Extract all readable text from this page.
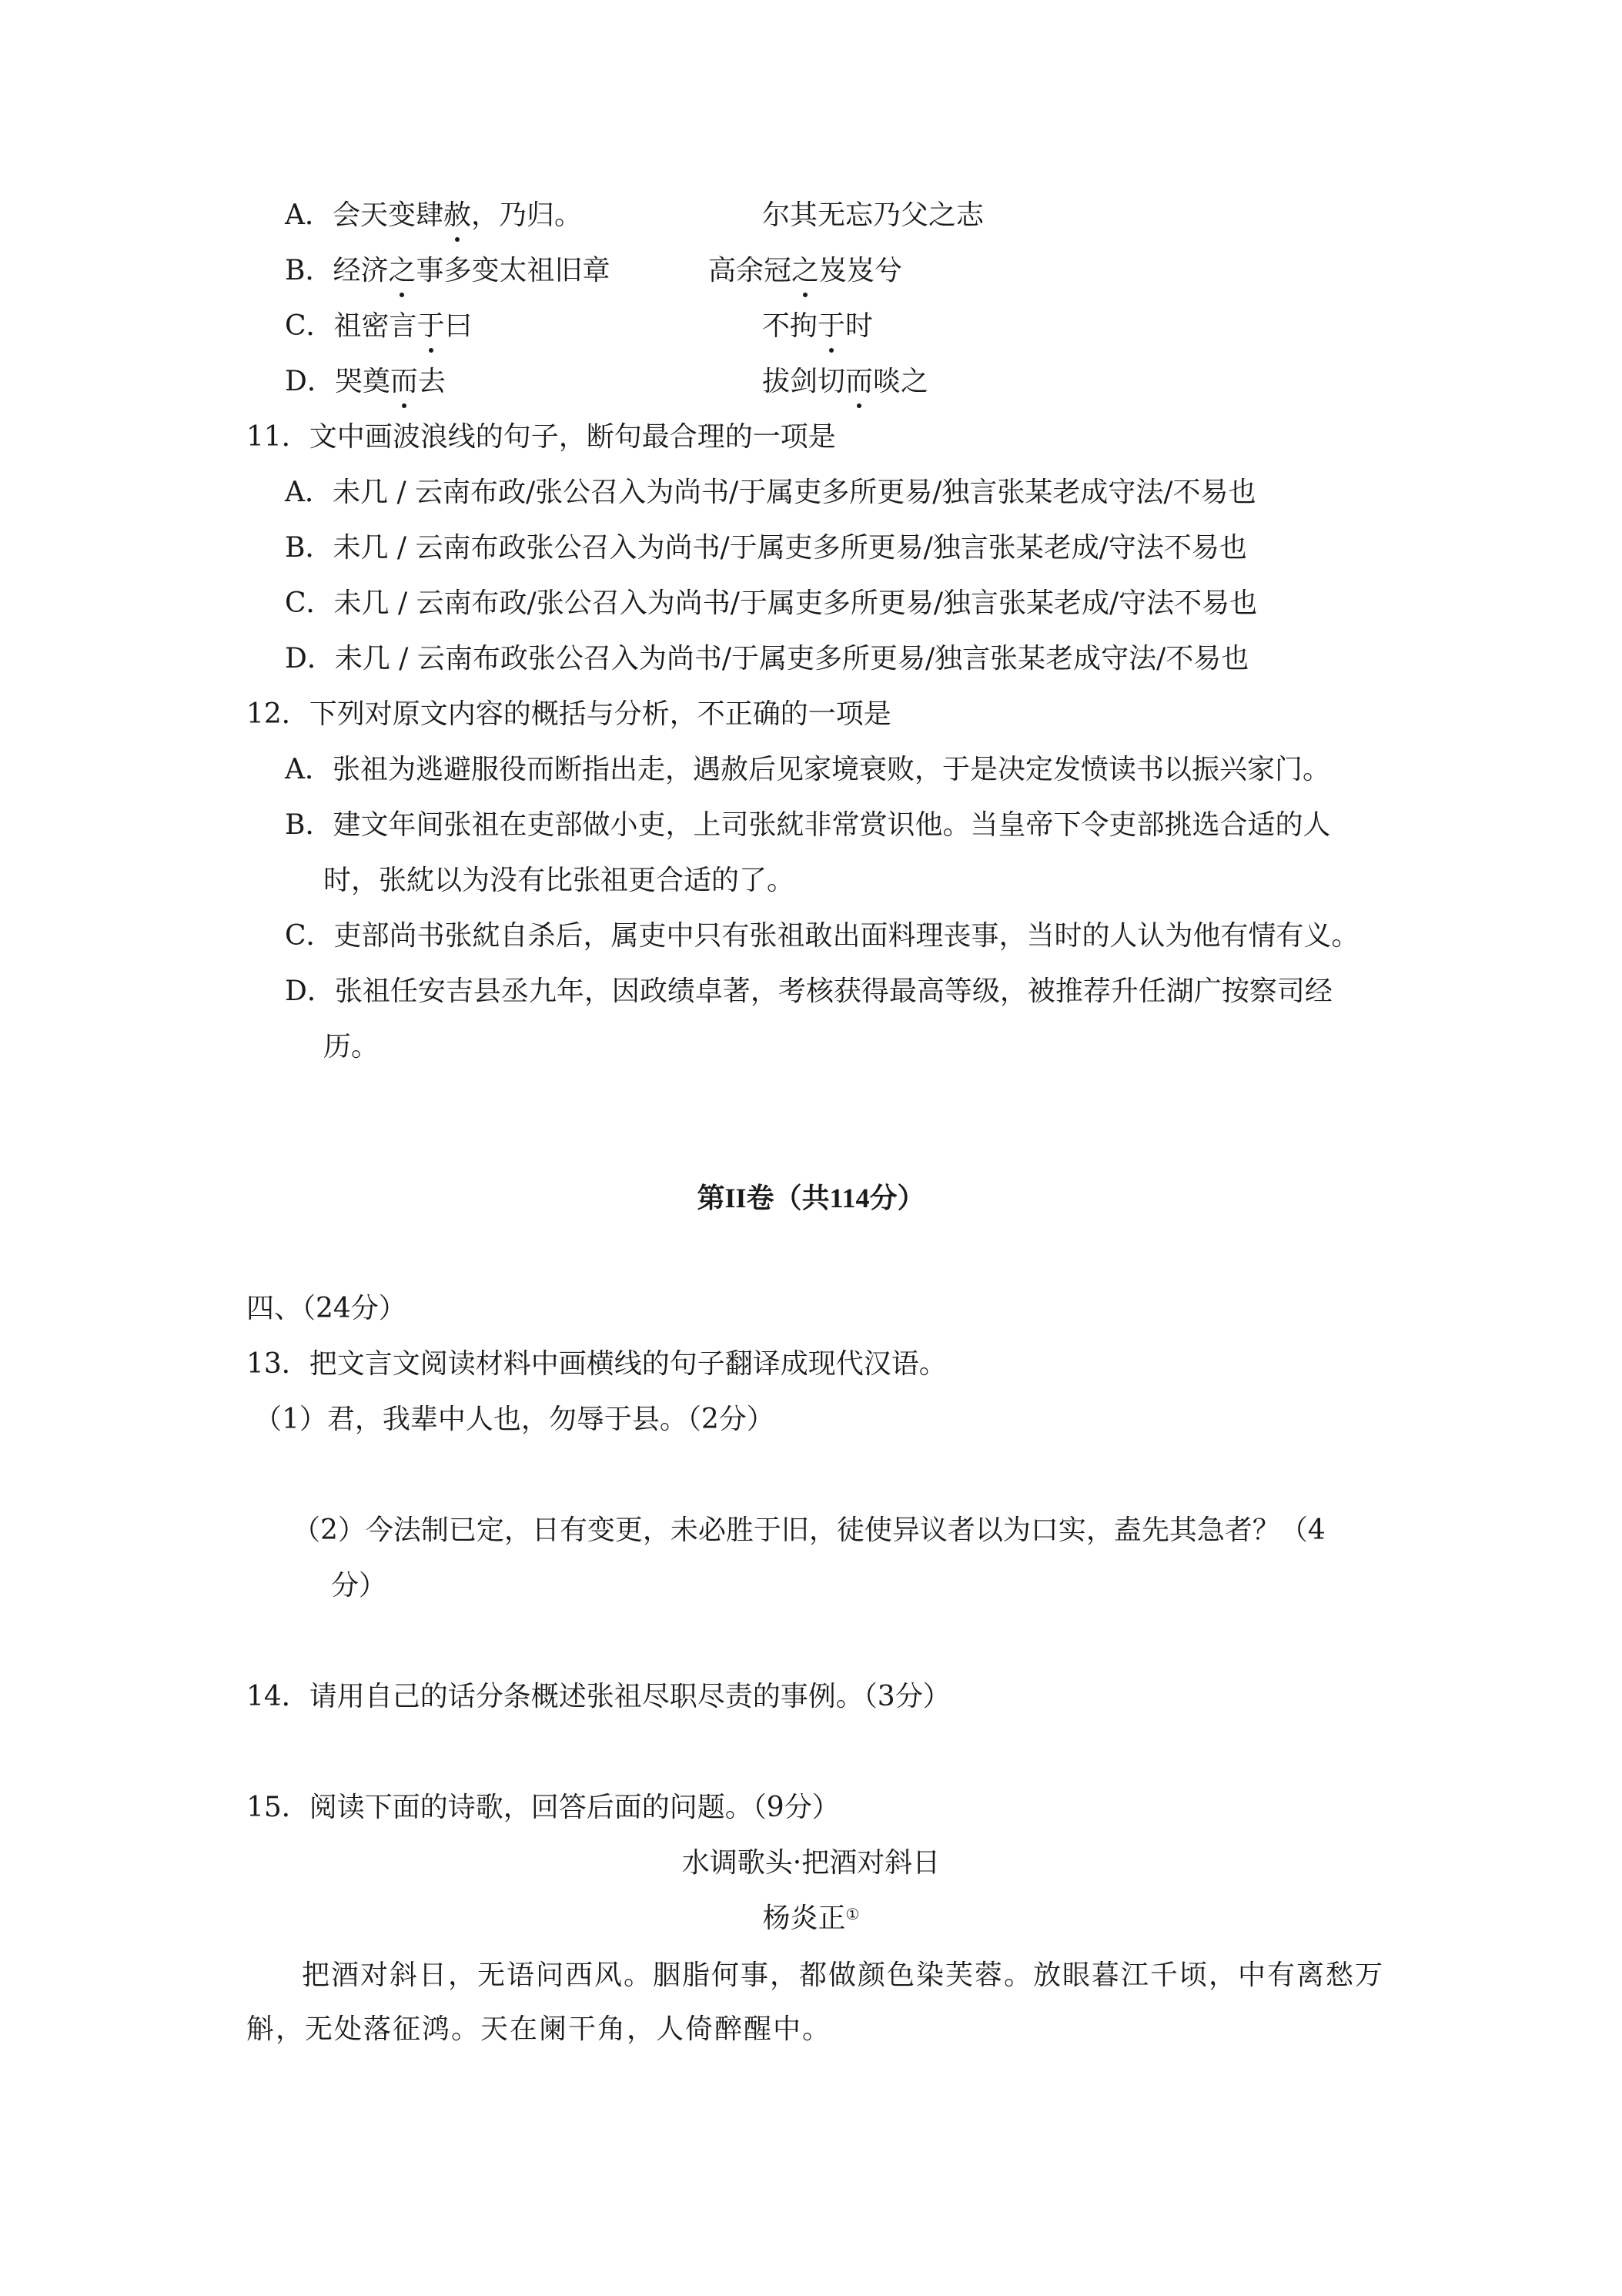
A．会天变肆赦，乃归。	尔其无忘乃父之志
B．经济之事多变太祖旧章	高余冠之岌岌兮
C．祖密言于曰	不拘于时
D．哭奠而去	拔剑切而啖之
11．文中画波浪线的句子，断句最合理的一项是
A．未几 / 云南布政/张公召入为尚书/于属吏多所更易/独言张某老成守法/不易也
B．未几 / 云南布政张公召入为尚书/于属吏多所更易/独言张某老成/守法不易也
C．未几 / 云南布政/张公召入为尚书/于属吏多所更易/独言张某老成/守法不易也
D．未几 / 云南布政张公召入为尚书/于属吏多所更易/独言张某老成守法/不易也
12．下列对原文内容的概括与分析，不正确的一项是
A．张祖为逃避服役而断指出走，遇赦后见家境衰败，于是决定发愤读书以振兴家门。
B．建文年间张祖在吏部做小吏，上司张紞非常赏识他。当皇帝下令吏部挑选合适的人
时，张紞以为没有比张祖更合适的了。
C．吏部尚书张紞自杀后，属吏中只有张祖敢出面料理丧事，当时的人认为他有情有义。
D．张祖任安吉县丞九年，因政绩卓著，考核获得最高等级，被推荐升任湖广按察司经
历。
第II卷（共114分）
四、（24分）
13．把文言文阅读材料中画横线的句子翻译成现代汉语。
（1）君，我辈中人也，勿辱于县。（2分）
（2）今法制已定，日有变更，未必胜于旧，徒使异议者以为口实，盍先其急者？（4
分）
14．请用自己的话分条概述张祖尽职尽责的事例。（3分）
15．阅读下面的诗歌，回答后面的问题。（9分）
水调歌头·把酒对斜日
杨炎正①
把酒对斜日，无语问西风。胭脂何事，都做颜色染芙蓉。放眼暮江千顷，中有离愁万斛，无处落征鸿。天在阑干角，人倚醉醒中。
